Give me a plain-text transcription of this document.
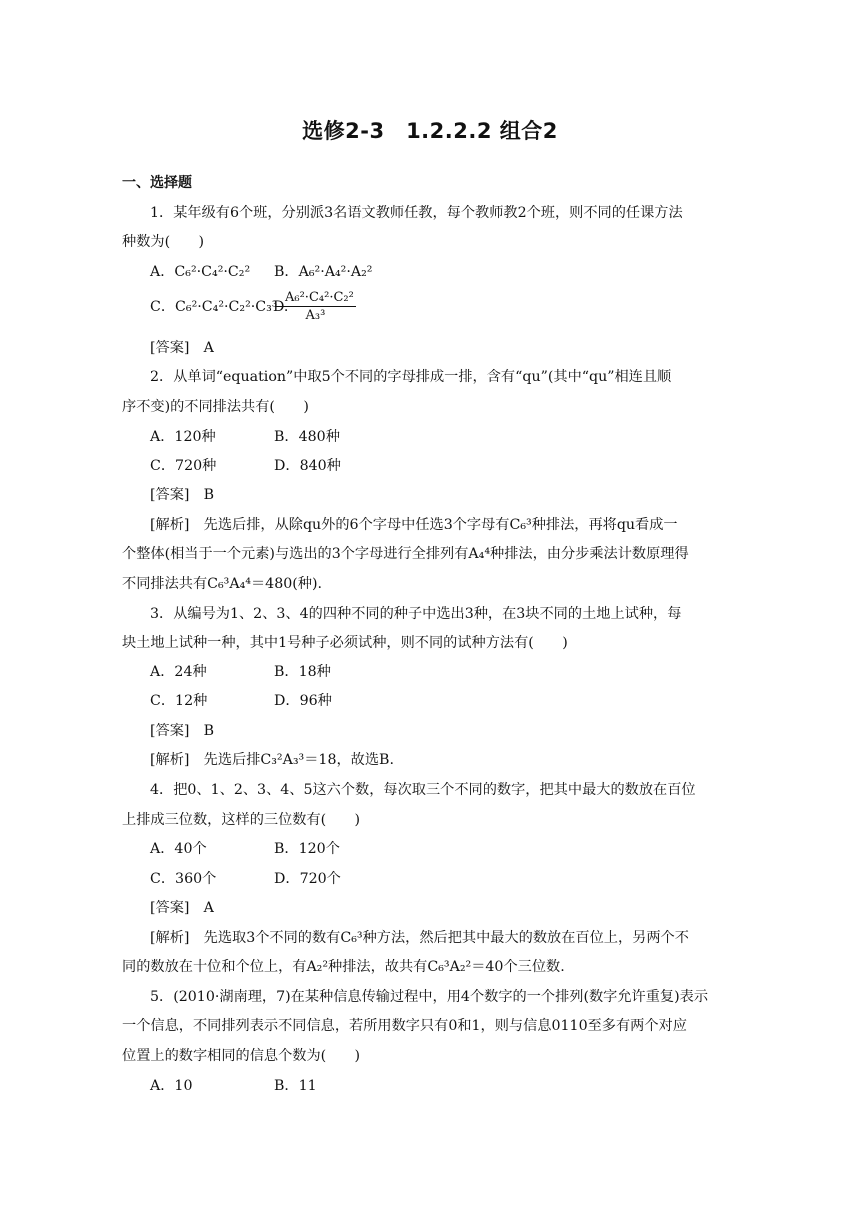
选修2-3　1.2.2.2 组合2
一、选择题
1．某年级有6个班，分别派3名语文教师任教，每个教师教2个班，则不同的任课方法
种数为(　　)
A．C₆²·C₄²·C₂² B．A₆²·A₄²·A₂²
C．C₆²·C₄²·C₂²·C₃³
D.
$\frac{\text{A₆²·C₄²·C₂²}}{\text{A₃³}}$
[答案]　A
2．从单词“equation”中取5个不同的字母排成一排，含有“qu”(其中“qu”相连且顺
序不变)的不同排法共有(　　)
A．120种	B．480种
C．720种	D．840种
[答案]　B
[解析]　先选后排，从除qu外的6个字母中任选3个字母有C₆³种排法，再将qu看成一
个整体(相当于一个元素)与选出的3个字母进行全排列有A₄⁴种排法，由分步乘法计数原理得
不同排法共有C₆³A₄⁴＝480(种).
3．从编号为1、2、3、4的四种不同的种子中选出3种，在3块不同的土地上试种，每
块土地上试种一种，其中1号种子必须试种，则不同的试种方法有(　　)
A．24种	B．18种
C．12种	D．96种
[答案]　B
[解析]　先选后排C₃²A₃³＝18，故选B.
4．把0、1、2、3、4、5这六个数，每次取三个不同的数字，把其中最大的数放在百位
上排成三位数，这样的三位数有(　　)
A．40个	B．120个
C．360个	D．720个
[答案]　A
[解析]　先选取3个不同的数有C₆³种方法，然后把其中最大的数放在百位上，另两个不
同的数放在十位和个位上，有A₂²种排法，故共有C₆³A₂²＝40个三位数.
5．(2010·湖南理，7)在某种信息传输过程中，用4个数字的一个排列(数字允许重复)表示
一个信息，不同排列表示不同信息，若所用数字只有0和1，则与信息0110至多有两个对应
位置上的数字相同的信息个数为(　　)
A．10	B．11
